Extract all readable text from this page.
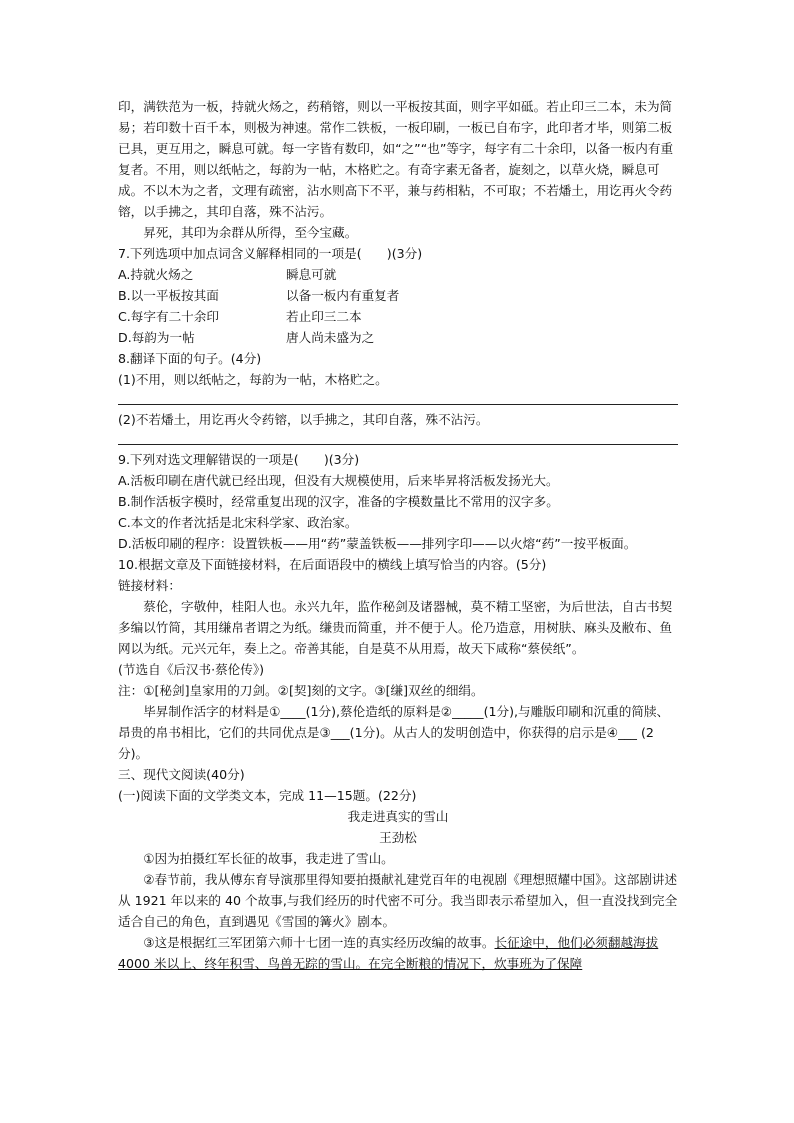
印，满铁范为一板，持就火炀之，药稍镕，则以一平板按其面，则字平如砥。若止印三二本，未为简易；若印数十百千本，则极为神速。常作二铁板，一板印刷，一板已自布字，此印者才毕，则第二板已具，更互用之，瞬息可就。每一字皆有数印，如“之”“也”等字，每字有二十余印，以备一板内有重复者。不用，则以纸帖之，每韵为一帖，木格贮之。有奇字素无备者，旋刻之，以草火烧，瞬息可成。不以木为之者，文理有疏密，沾水则高下不平，兼与药相粘，不可取；不若燔土，用讫再火令药镕，以手拂之，其印自落，殊不沾污。

昇死，其印为余群从所得，至今宝藏。

7.下列选项中加点词含义解释相同的一项是(　　)(3分)

A.持就火炀之	瞬息可就
B.以一平板按其面	以备一板内有重复者
C.每字有二十余印	若止印三二本
D.每韵为一帖	唐人尚未盛为之

8.翻译下面的句子。(4分)

(1)不用，则以纸帖之，每韵为一帖，木格贮之。

(2)不若燔土，用讫再火令药镕，以手拂之，其印自落，殊不沾污。

9.下列对选文理解错误的一项是(　　)(3分)

A.活板印刷在唐代就已经出现，但没有大规模使用，后来毕昇将活板发扬光大。

B.制作活板字模时，经常重复出现的汉字，准备的字模数量比不常用的汉字多。

C.本文的作者沈括是北宋科学家、政治家。

D.活板印刷的程序：设置铁板——用“药”蒙盖铁板——排列字印——以火熔“药”一按平板面。

10.根据文章及下面链接材料，在后面语段中的横线上填写恰当的内容。(5分)

链接材料：

蔡伦，字敬仲，桂阳人也。永兴九年，监作秘剑及诸器械，莫不精工坚密，为后世法，自古书契多编以竹简，其用缣帛者谓之为纸。缣贵而简重，并不便于人。伦乃造意，用树肤、麻头及敝布、鱼网以为纸。元兴元年，奏上之。帝善其能，自是莫不从用焉，故天下咸称“蔡侯纸”。

(节选自《后汉书·蔡伦传》)

注：①[秘剑]皇家用的刀剑。②[契]刻的文字。③[缣]双丝的细绢。

毕昇制作活字的材料是①____(1分),蔡伦造纸的原料是②_____(1分),与雕版印刷和沉重的简牍、昂贵的帛书相比，它们的共同优点是③___(1分)。从古人的发明创造中，你获得的启示是④___ (2分)。

三、现代文阅读(40分)

(一)阅读下面的文学类文本，完成 11—15题。(22分)

我走进真实的雪山

王劲松

①因为拍摄红军长征的故事，我走进了雪山。

②春节前，我从傅东育导演那里得知要拍摄献礼建党百年的电视剧《理想照耀中国》。这部剧讲述从 1921 年以来的 40 个故事,与我们经历的时代密不可分。我当即表示希望加入，但一直没找到完全适合自己的角色，直到遇见《雪国的篝火》剧本。

③这是根据红三军团第六师十七团一连的真实经历改编的故事。长征途中，他们必须翻越海拔 4000 米以上、终年积雪、鸟兽无踪的雪山。在完全断粮的情况下，炊事班为了保障
